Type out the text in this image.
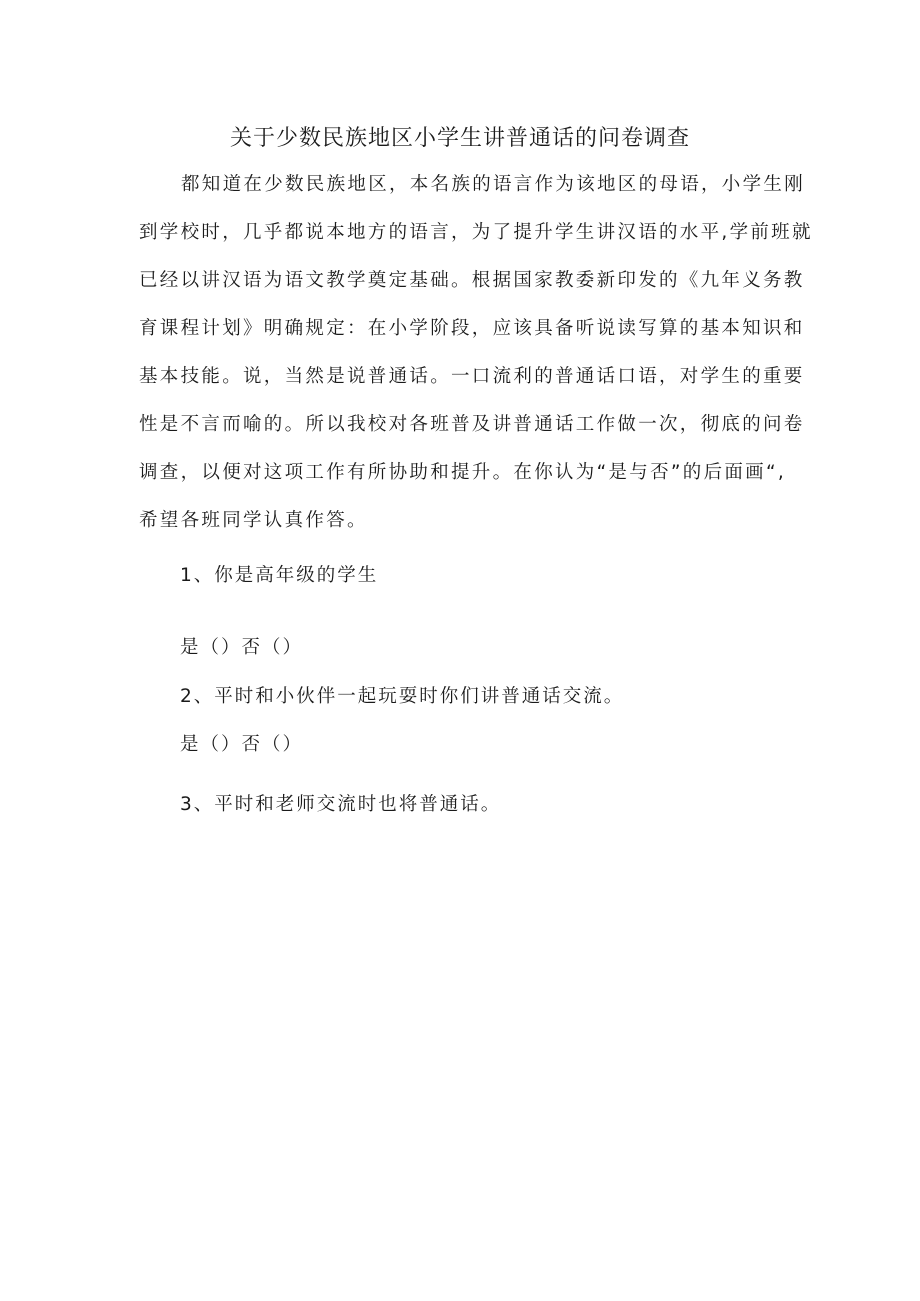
关于少数民族地区小学生讲普通话的问卷调查
都知道在少数民族地区，本名族的语言作为该地区的母语，小学生刚
到学校时，几乎都说本地方的语言，为了提升学生讲汉语的水平,学前班就
已经以讲汉语为语文教学奠定基础。根据国家教委新印发的《九年义务教
育课程计划》明确规定：在小学阶段，应该具备听说读写算的基本知识和
基本技能。说，当然是说普通话。一口流利的普通话口语，对学生的重要
性是不言而喻的。所以我校对各班普及讲普通话工作做一次，彻底的问卷
调查，以便对这项工作有所协助和提升。在你认为“是与否”的后面画“,
希望各班同学认真作答。
1、你是高年级的学生
是（）否（）
2、平时和小伙伴一起玩耍时你们讲普通话交流。
是（）否（）
3、平时和老师交流时也将普通话。
